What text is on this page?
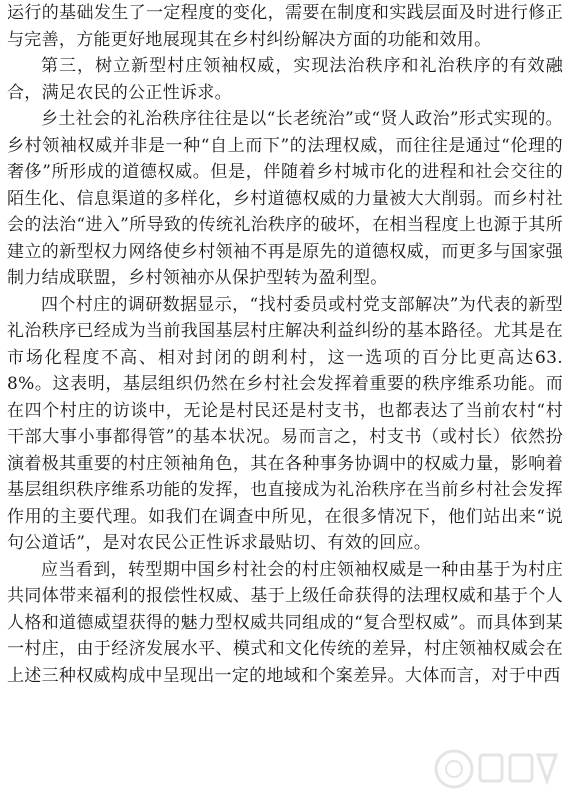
运行的基础发生了一定程度的变化，需要在制度和实践层面及时进行修正与完善，方能更好地展现其在乡村纠纷解决方面的功能和效用。

第三，树立新型村庄领袖权威，实现法治秩序和礼治秩序的有效融合，满足农民的公正性诉求。

乡土社会的礼治秩序往往是以“长老统治”或“贤人政治”形式实现的。乡村领袖权威并非是一种“自上而下”的法理权威，而往往是通过“伦理的奢侈”所形成的道德权威。但是，伴随着乡村城市化的进程和社会交往的陌生化、信息渠道的多样化，乡村道德权威的力量被大大削弱。而乡村社会的法治“进入”所导致的传统礼治秩序的破坏，在相当程度上也源于其所建立的新型权力网络使乡村领袖不再是原先的道德权威，而更多与国家强制力结成联盟，乡村领袖亦从保护型转为盈利型。

四个村庄的调研数据显示，“找村委员或村党支部解决”为代表的新型礼治秩序已经成为当前我国基层村庄解决利益纠纷的基本路径。尤其是在市场化程度不高、相对封闭的朗利村，这一选项的百分比更高达63.8%。这表明，基层组织仍然在乡村社会发挥着重要的秩序维系功能。而在四个村庄的访谈中，无论是村民还是村支书，也都表达了当前农村“村干部大事小事都得管”的基本状况。易而言之，村支书（或村长）依然扮演着极其重要的村庄领袖角色，其在各种事务协调中的权威力量，影响着基层组织秩序维系功能的发挥，也直接成为礼治秩序在当前乡村社会发挥作用的主要代理。如我们在调查中所见，在很多情况下，他们站出来“说句公道话”，是对农民公正性诉求最贴切、有效的回应。

应当看到，转型期中国乡村社会的村庄领袖权威是一种由基于为村庄共同体带来福利的报偿性权威、基于上级任命获得的法理权威和基于个人人格和道德威望获得的魅力型权威共同组成的“复合型权威”。而具体到某一村庄，由于经济发展水平、模式和文化传统的差异，村庄领袖权威会在上述三种权威构成中呈现出一定的地域和个案差异。大体而言，对于中西
